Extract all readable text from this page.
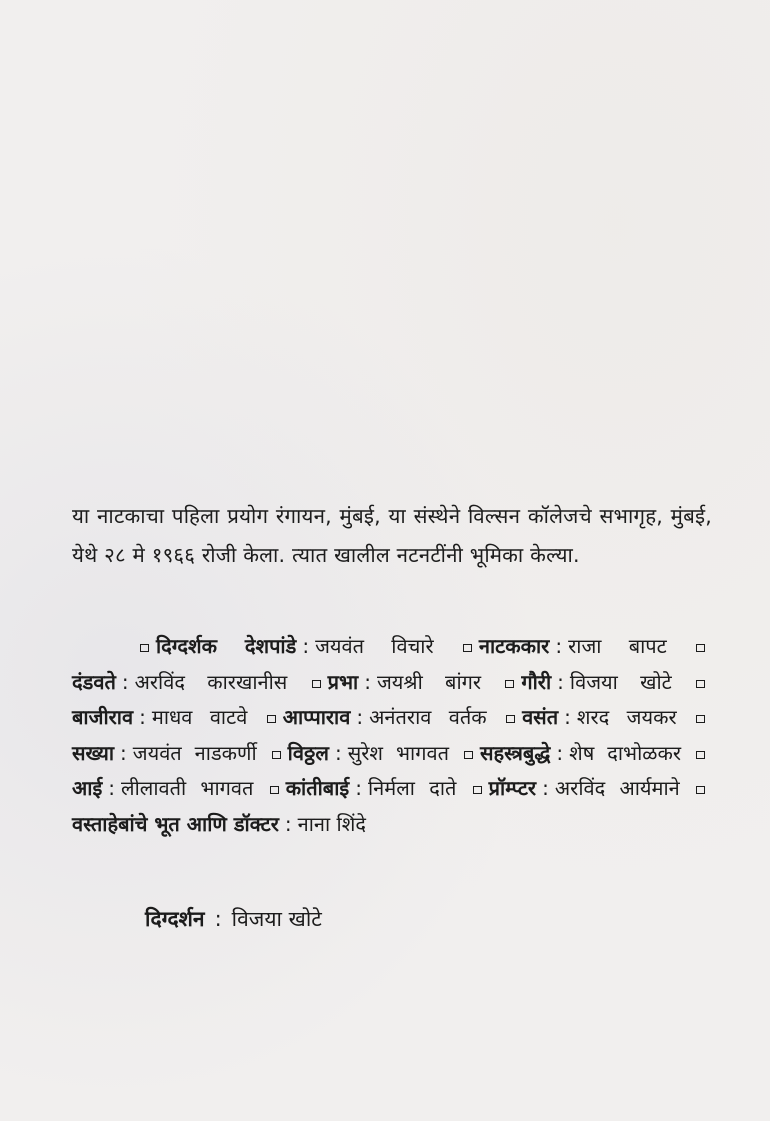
या नाटकाचा पहिला प्रयोग रंगायन, मुंबई, या संस्थेने विल्सन कॉलेजचे सभागृह, मुंबई, येथे २८ मे १९६६ रोजी केला. त्यात खालील नटनटींनी भूमिका केल्या.

दिग्दर्शक देशपांडे : जयवंत विचारे नाटककार : राजा बापट दंडवते : अरविंद कारखानीस प्रभा : जयश्री बांगर गौरी : विजया खोटे बाजीराव : माधव वाटवे आप्पाराव : अनंतराव वर्तक वसंत : शरद जयकर सख्या : जयवंत नाडकर्णी विठ्ठल : सुरेश भागवत सहस्त्रबुद्धे : शेष दाभोळकर आई : लीलावती भागवत कांतीबाई : निर्मला दाते प्रॉम्प्टर : अरविंद आर्यमाने वस्ताहेबांचे भूत आणि डॉक्टर : नाना शिंदे

दिग्दर्शन : विजया खोटे
